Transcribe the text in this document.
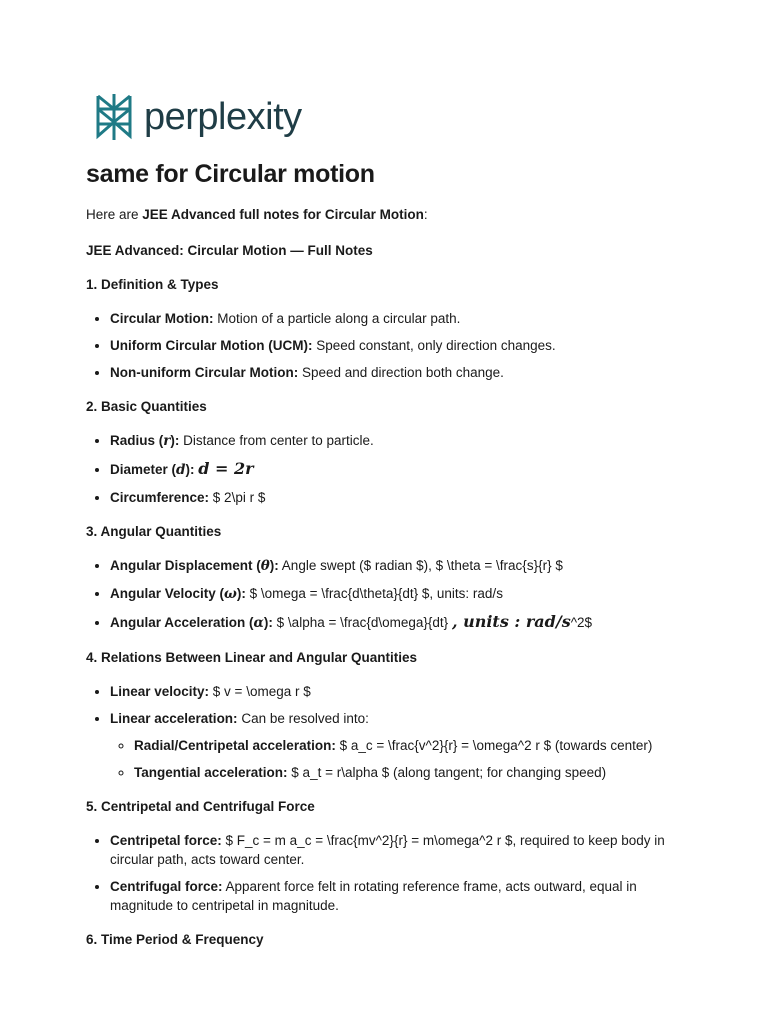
perplexity
same for Circular motion

Here are JEE Advanced full notes for Circular Motion:

JEE Advanced: Circular Motion — Full Notes

1. Definition & Types

• Circular Motion: Motion of a particle along a circular path.
• Uniform Circular Motion (UCM): Speed constant, only direction changes.
• Non-uniform Circular Motion: Speed and direction both change.

2. Basic Quantities

• Radius (r): Distance from center to particle.
• Diameter (d): d = 2r
• Circumference: $ 2\pi r $

3. Angular Quantities

• Angular Displacement (θ): Angle swept ($ radian $), $ \theta = \frac{s}{r} $
• Angular Velocity (ω): $ \omega = \frac{d\theta}{dt} $, units: rad/s
• Angular Acceleration (α): $ \alpha = \frac{d\omega}{dt} , units : rad/s^2$

4. Relations Between Linear and Angular Quantities

• Linear velocity: $ v = \omega r $
• Linear acceleration: Can be resolved into:
◦ Radial/Centripetal acceleration: $ a_c = \frac{v^2}{r} = \omega^2 r $ (towards center)
◦ Tangential acceleration: $ a_t = r\alpha $ (along tangent; for changing speed)

5. Centripetal and Centrifugal Force

• Centripetal force: $ F_c = m a_c = \frac{mv^2}{r} = m\omega^2 r $, required to keep body in circular path, acts toward center.
• Centrifugal force: Apparent force felt in rotating reference frame, acts outward, equal in magnitude to centripetal in magnitude.

6. Time Period & Frequency
